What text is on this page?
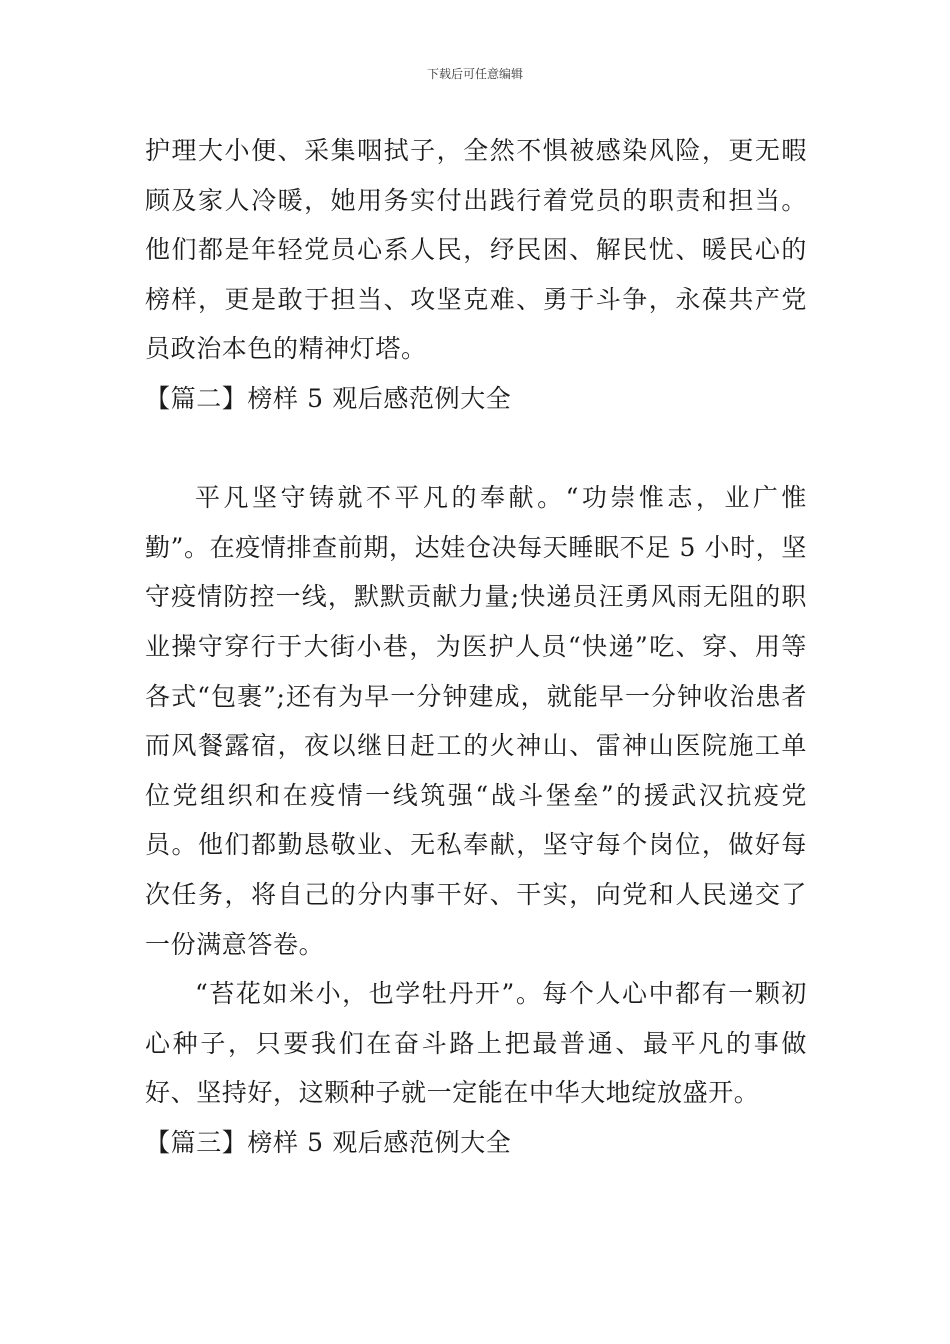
下载后可任意编辑

护理大小便、采集咽拭子，全然不惧被感染风险，更无暇顾及家人冷暖，她用务实付出践行着党员的职责和担当。他们都是年轻党员心系人民，纾民困、解民忧、暖民心的榜样，更是敢于担当、攻坚克难、勇于斗争，永葆共产党员政治本色的精神灯塔。

【篇二】榜样 5 观后感范例大全

平凡坚守铸就不平凡的奉献。“功崇惟志，业广惟勤”。在疫情排查前期，达娃仓决每天睡眠不足 5 小时，坚守疫情防控一线，默默贡献力量;快递员汪勇风雨无阻的职业操守穿行于大街小巷，为医护人员“快递”吃、穿、用等各式“包裹”;还有为早一分钟建成，就能早一分钟收治患者而风餐露宿，夜以继日赶工的火神山、雷神山医院施工单位党组织和在疫情一线筑强“战斗堡垒”的援武汉抗疫党员。他们都勤恳敬业、无私奉献，坚守每个岗位，做好每次任务，将自己的分内事干好、干实，向党和人民递交了一份满意答卷。

“苔花如米小，也学牡丹开”。每个人心中都有一颗初心种子，只要我们在奋斗路上把最普通、最平凡的事做好、坚持好，这颗种子就一定能在中华大地绽放盛开。

【篇三】榜样 5 观后感范例大全
